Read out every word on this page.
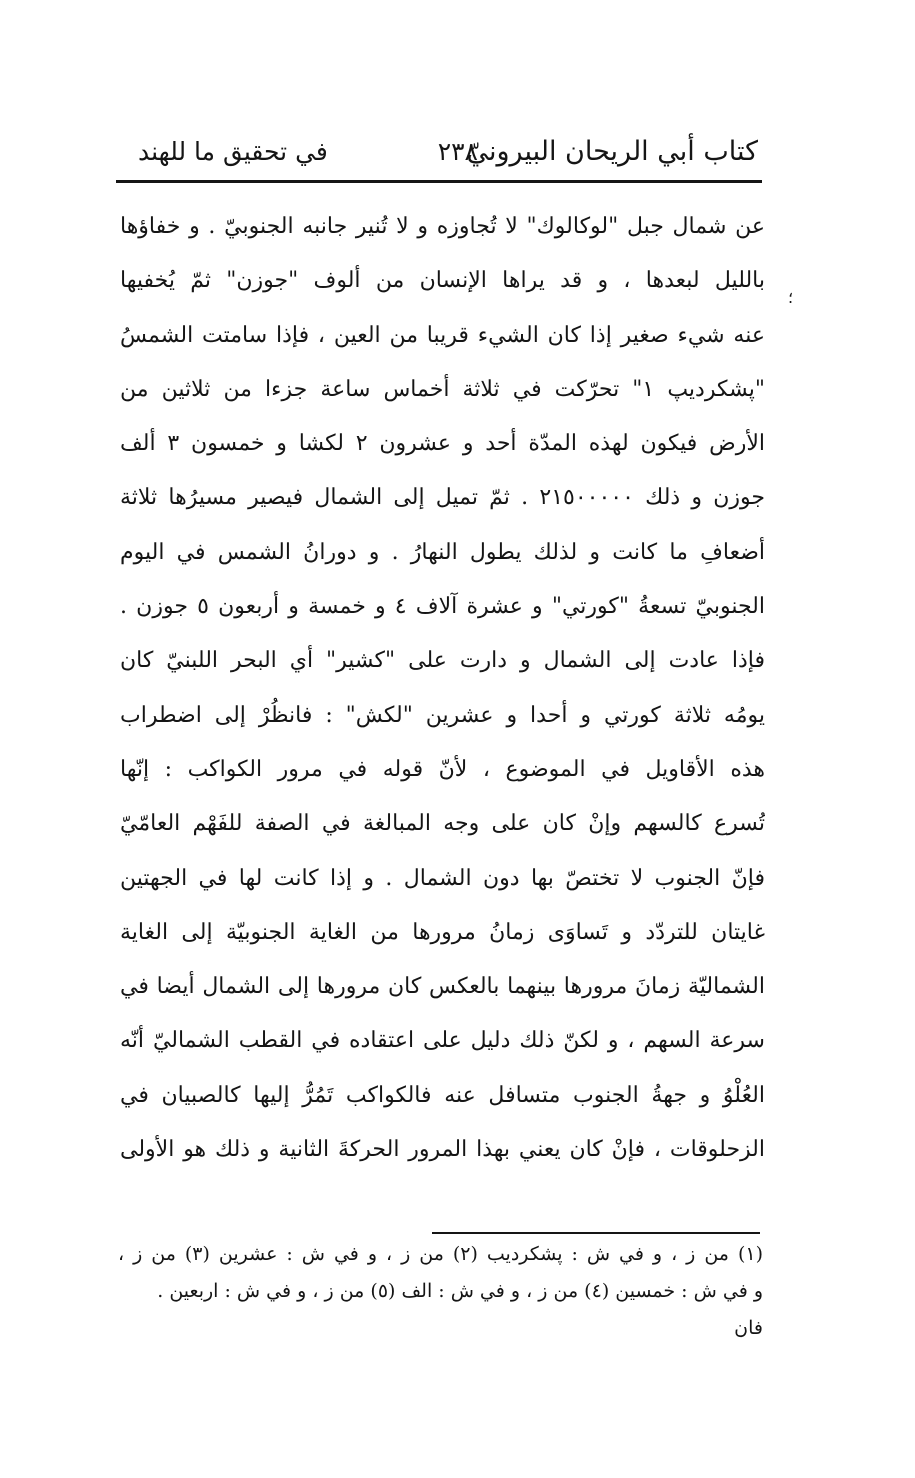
كتاب أبي الريحان البيرونيّ
٢٣٨
في تحقيق ما للهند
؛
عن شمال جبل "لوكالوك" لا تُجاوزه و لا تُنير جانبه الجنوبيّ . و خفاؤها
بالليل لبعدها ، و قد يراها الإنسان من ألوف "جوزن" ثمّ يُخفيها
عنه شيء صغير إذا كان الشيء قريبا من العين ، فإذا سامتت الشمسُ
"پشكرديپ ١" تحرّكت في ثلاثة أخماس ساعة جزءا من ثلاثين من
الأرض فيكون لهذه المدّة أحد و عشرون ٢ لكشا و خمسون ٣ ألف
جوزن و ذلك ٢١٥٠٠٠٠٠ . ثمّ تميل إلى الشمال فيصير مسيرُها ثلاثة
أضعافِ ما كانت و لذلك يطول النهارُ . و دورانُ الشمس في اليوم
الجنوبيّ تسعةُ "كورتي" و عشرة آلاف ٤ و خمسة و أربعون ٥ جوزن .
فإذا عادت إلى الشمال و دارت على "كشير" أي البحر اللبنيّ كان
يومُه ثلاثة كورتي و أحدا و عشرين "لكش" : فانظُرْ إلى اضطراب
هذه الأقاويل في الموضوع ، لأنّ قوله في مرور الكواكب : إنّها
تُسرع كالسهم وإنْ كان على وجه المبالغة في الصفة للفَهْم العامّيّ
فإنّ الجنوب لا تختصّ بها دون الشمال . و إذا كانت لها في الجهتين
غايتان للتردّد و تَساوَى زمانُ مرورها من الغاية الجنوبيّة إلى الغاية
الشماليّة زمانَ مرورها بينهما بالعكس كان مرورها إلى الشمال أيضا في
سرعة السهم ، و لكنّ ذلك دليل على اعتقاده في القطب الشماليّ أنّه
العُلْوُ و جهةُ الجنوب متسافل عنه فالكواكب تَمُرُّ إليها كالصبيان في
الزحلوقات ، فإنْ كان يعني بهذا المرور الحركةَ الثانية و ذلك هو الأولى
(١) من ز ، و في ش : پشكرديب (٢) من ز ، و في ش : عشرين (٣) من ز ،
و في ش : خمسين (٤) من ز ، و في ش : الف (٥) من ز ، و في ش : اربعين .
فان
